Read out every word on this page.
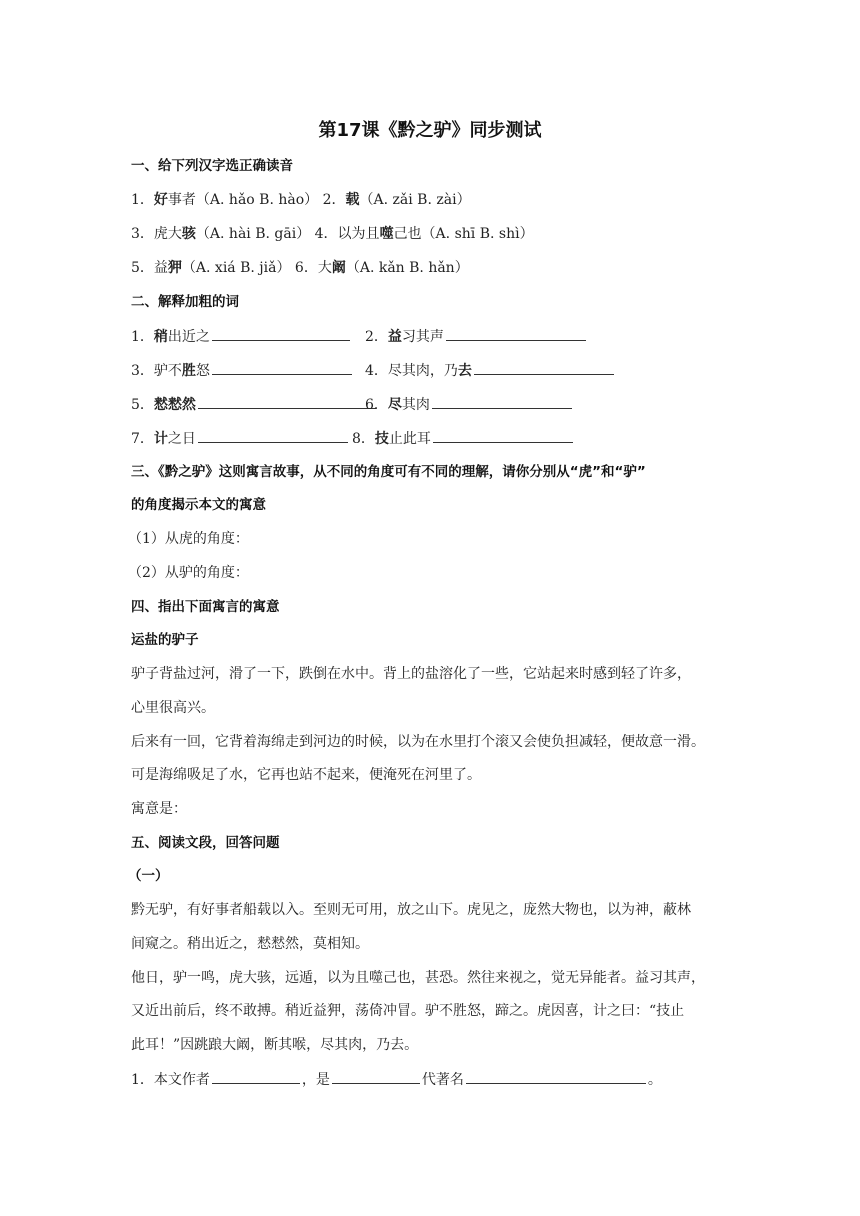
第17课《黔之驴》同步测试
一、给下列汉字选正确读音
1．好事者（A. hǎo B. hào） 2．载（A. zǎi B. zài）
3．虎大骇（A. hài B. gāi） 4．以为且噬己也（A. shī B. shì）
5．益狎（A. xiá B. jiǎ） 6．大阚（A. kǎn B. hǎn）
二、解释加粗的词
1．稍出近之	2．益习其声
3．驴不胜怒	4．尽其肉，乃去
5．慭慭然	6．尽其肉
7．计之日	8．技止此耳
三、《黔之驴》这则寓言故事，从不同的角度可有不同的理解，请你分别从“虎”和“驴”
的角度揭示本文的寓意
（1）从虎的角度：
（2）从驴的角度：
四、指出下面寓言的寓意
运盐的驴子
驴子背盐过河，滑了一下，跌倒在水中。背上的盐溶化了一些，它站起来时感到轻了许多，
心里很高兴。
后来有一回，它背着海绵走到河边的时候，以为在水里打个滚又会使负担减轻，便故意一滑。
可是海绵吸足了水，它再也站不起来，便淹死在河里了。
寓意是：
五、阅读文段，回答问题
（一）
黔无驴，有好事者船载以入。至则无可用，放之山下。虎见之，庞然大物也，以为神，蔽林
间窥之。稍出近之，慭慭然，莫相知。
他日，驴一鸣，虎大骇，远遁，以为且噬己也，甚恐。然往来视之，觉无异能者。益习其声，
又近出前后，终不敢搏。稍近益狎，荡倚冲冒。驴不胜怒，蹄之。虎因喜，计之曰：“技止
此耳！”因跳踉大阚，断其喉，尽其肉，乃去。
1．本文作者	，是	代著名	。
